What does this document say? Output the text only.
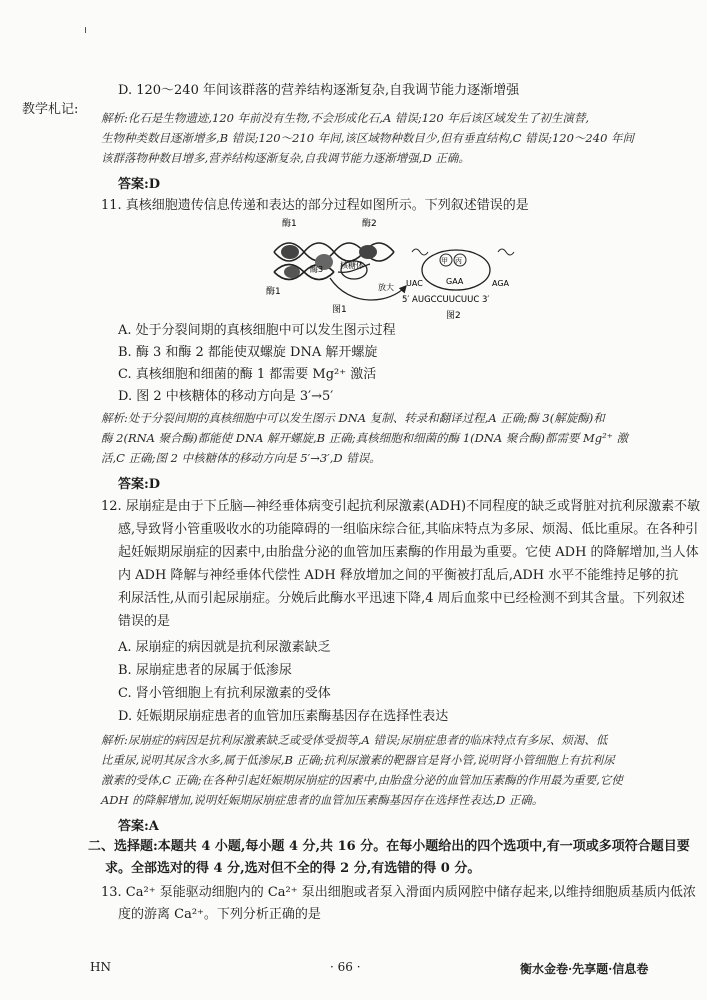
教学札记:
D. 120～240 年间该群落的营养结构逐渐复杂,自我调节能力逐渐增强
解析:化石是生物遗迹,120 年前没有生物,不会形成化石,A 错误;120 年后该区域发生了初生演替,
生物种类数目逐渐增多,B 错误;120～210 年间,该区域物种数目少,但有垂直结构,C 错误;120～240 年间
该群落物种数目增多,营养结构逐渐复杂,自我调节能力逐渐增强,D 正确。
答案:D
11. 真核细胞遗传信息传递和表达的部分过程如图所示。下列叙述错误的是
酶1	酶2
酶1
酶3 核糖体
放大
图1
甲 丙
UAC	AGA
GAA
5′ AUGCCUUCUUC 3′
图2
A. 处于分裂间期的真核细胞中可以发生图示过程
B. 酶 3 和酶 2 都能使双螺旋 DNA 解开螺旋
C. 真核细胞和细菌的酶 1 都需要 Mg²⁺ 激活
D. 图 2 中核糖体的移动方向是 3′→5′
解析:处于分裂间期的真核细胞中可以发生图示 DNA 复制、转录和翻译过程,A 正确;酶 3(解旋酶)和
酶 2(RNA 聚合酶)都能使 DNA 解开螺旋,B 正确;真核细胞和细菌的酶 1(DNA 聚合酶)都需要 Mg²⁺ 激
活,C 正确;图 2 中核糖体的移动方向是 5′→3′,D 错误。
答案:D
12. 尿崩症是由于下丘脑—神经垂体病变引起抗利尿激素(ADH)不同程度的缺乏或肾脏对抗利尿激素不敏
感,导致肾小管重吸收水的功能障碍的一组临床综合征,其临床特点为多尿、烦渴、低比重尿。在各种引
起妊娠期尿崩症的因素中,由胎盘分泌的血管加压素酶的作用最为重要。它使 ADH 的降解增加,当人体
内 ADH 降解与神经垂体代偿性 ADH 释放增加之间的平衡被打乱后,ADH 水平不能维持足够的抗
利尿活性,从而引起尿崩症。分娩后此酶水平迅速下降,4 周后血浆中已经检测不到其含量。下列叙述
错误的是
A. 尿崩症的病因就是抗利尿激素缺乏
B. 尿崩症患者的尿属于低渗尿
C. 肾小管细胞上有抗利尿激素的受体
D. 妊娠期尿崩症患者的血管加压素酶基因存在选择性表达
解析:尿崩症的病因是抗利尿激素缺乏或受体受损等,A 错误;尿崩症患者的临床特点有多尿、烦渴、低
比重尿,说明其尿含水多,属于低渗尿,B 正确;抗利尿激素的靶器官是肾小管,说明肾小管细胞上有抗利尿
激素的受体,C 正确;在各种引起妊娠期尿崩症的因素中,由胎盘分泌的血管加压素酶的作用最为重要,它使
ADH 的降解增加,说明妊娠期尿崩症患者的血管加压素酶基因存在选择性表达,D 正确。
答案:A
二、选择题:本题共 4 小题,每小题 4 分,共 16 分。在每小题给出的四个选项中,有一项或多项符合题目要
求。全部选对的得 4 分,选对但不全的得 2 分,有选错的得 0 分。
13. Ca²⁺ 泵能驱动细胞内的 Ca²⁺ 泵出细胞或者泵入滑面内质网腔中储存起来,以维持细胞质基质内低浓
度的游离 Ca²⁺。下列分析正确的是
HN	· 66 ·	衡水金卷·先享题·信息卷
